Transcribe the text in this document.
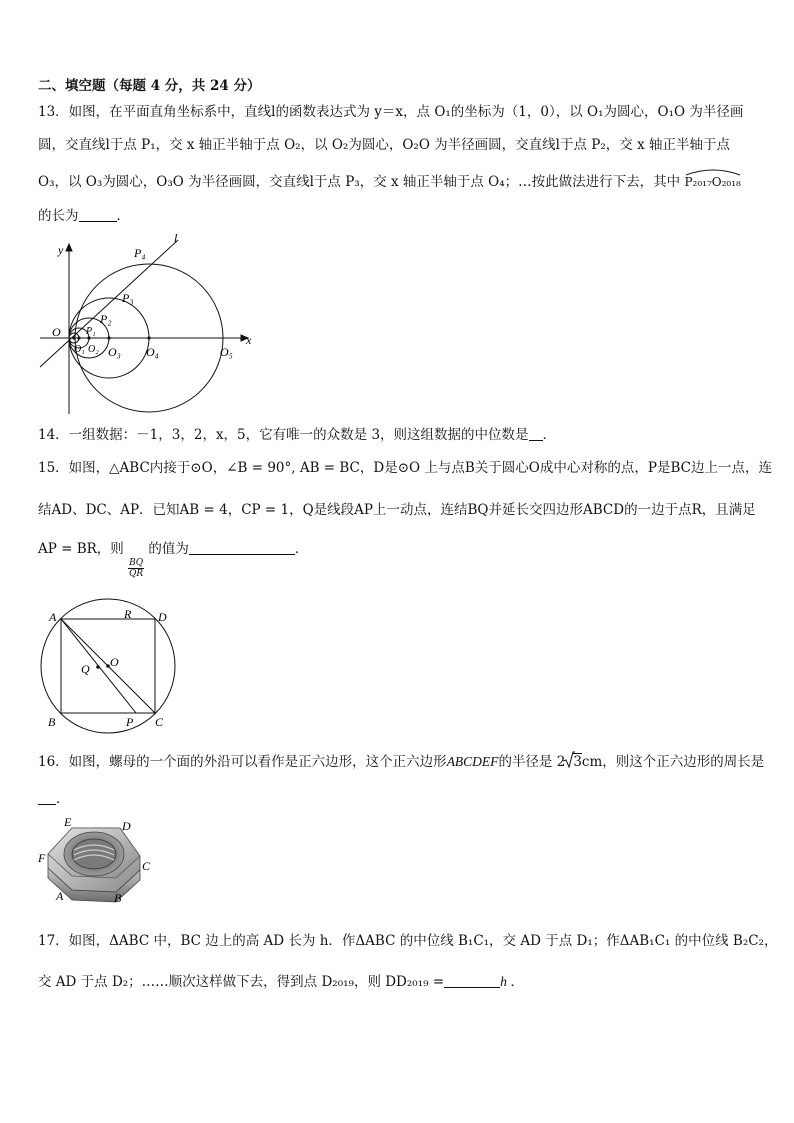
二、填空题（每题 4 分，共 24 分）
13．如图，在平面直角坐标系中，直线l的函数表达式为 y＝x，点 O₁的坐标为（1，0），以 O₁为圆心，O₁O 为半径画
圆，交直线l于点 P₁，交 x 轴正半轴于点 O₂，以 O₂为圆心，O₂O 为半径画圆，交直线l于点 P₂，交 x 轴正半轴于点
O₃，以 O₃为圆心，O₃O 为半径画圆，交直线l于点 P₃，交 x 轴正半轴于点 O₄；…按此做法进行下去，其中 P₂₀₁₇O₂₀₁₈
的长为	．
y
l
x
O
P₄
P₃
P₂
P₁
O₁ O₂ O₃ O₄	O₅
14．一组数据：－1，3，2，x，5，它有唯一的众数是 3，则这组数据的中位数是 ．
15．如图，△ABC内接于⊙O，∠B = 90°, AB = BC，D是⊙O 上与点B关于圆心O成中心对称的点，P是BC边上一点，连
结AD、DC、AP．已知AB = 4，CP = 1，Q是线段AP上一动点，连结BQ并延长交四边形ABCD的一边于点R，且满足
AP = BR，则
$\frac{BQ}{QR}$
的值为	．
A	R D
Q O
B	P C
16．如图，螺母的一个面的外沿可以看作是正六边形，这个正六边形ABCDEF的半径是 2 3cm，则这个正六边形的周长是
．
E	D
F
C
A	B
17．如图，ΔABC 中，BC 边上的高 AD 长为 h．作ΔABC 的中位线 B₁C₁，交 AD 于点 D₁；作ΔAB₁C₁ 的中位线 B₂C₂，
交 AD 于点 D₂；……顺次这样做下去，得到点 D₂₀₁₉，则 DD₂₀₁₉ =	h ．
